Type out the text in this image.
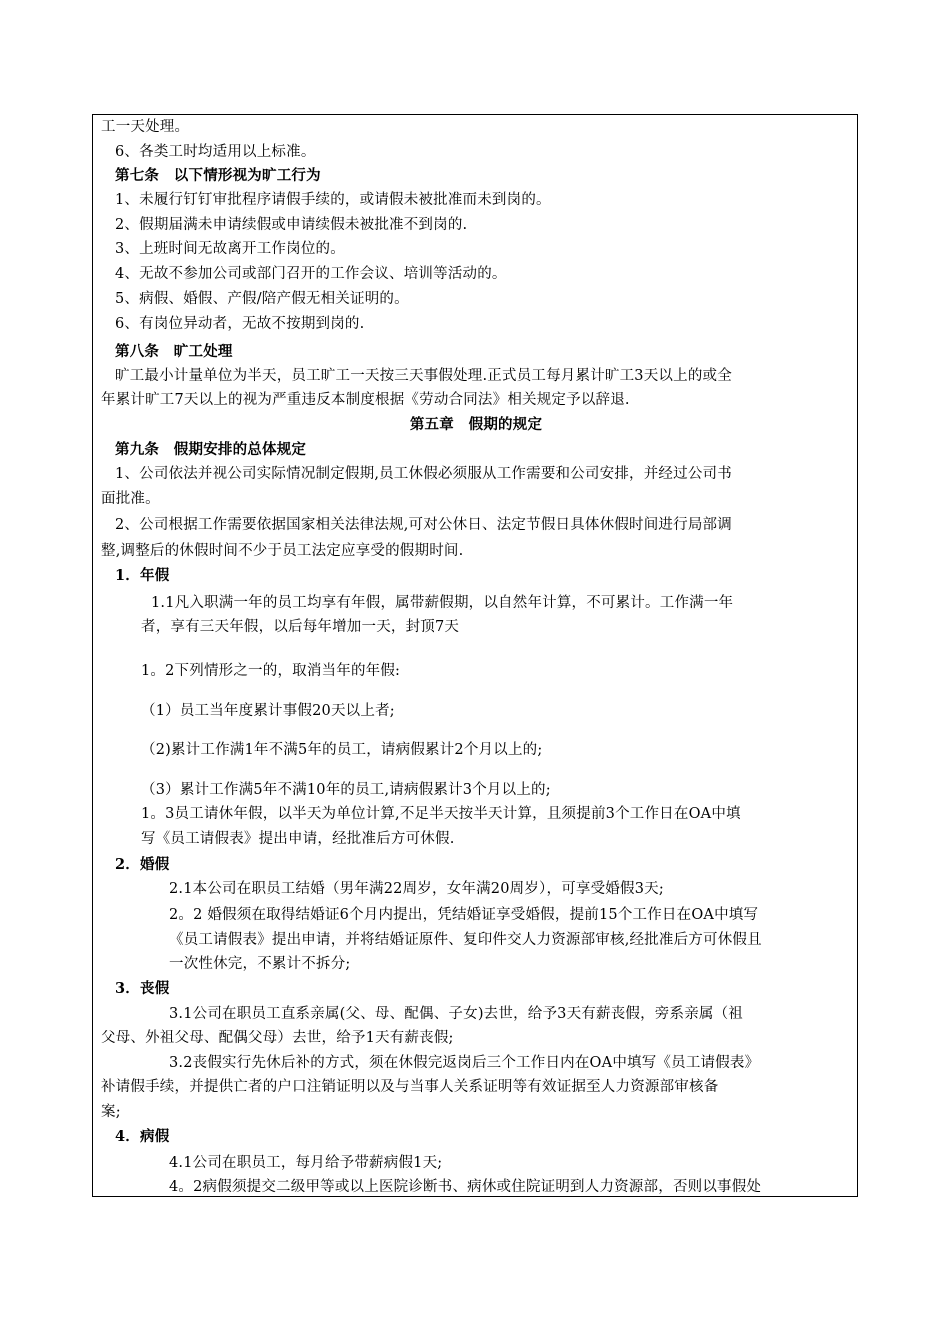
工一天处理。
6、各类工时均适用以上标准。
第七条　以下情形视为旷工行为
1、未履行钉钉审批程序请假手续的，或请假未被批准而未到岗的。
2、假期届满未申请续假或申请续假未被批准不到岗的.
3、上班时间无故离开工作岗位的。
4、无故不参加公司或部门召开的工作会议、培训等活动的。
5、病假、婚假、产假/陪产假无相关证明的。
6、有岗位异动者，无故不按期到岗的.
第八条　旷工处理
旷工最小计量单位为半天，员工旷工一天按三天事假处理.正式员工每月累计旷工3天以上的或全
年累计旷工7天以上的视为严重违反本制度根据《劳动合同法》相关规定予以辞退.
第五章　假期的规定
第九条　假期安排的总体规定
1、公司依法并视公司实际情况制定假期,员工休假必须服从工作需要和公司安排，并经过公司书
面批准。
2、公司根据工作需要依据国家相关法律法规,可对公休日、法定节假日具体休假时间进行局部调
整,调整后的休假时间不少于员工法定应享受的假期时间.
1．年假
1.1凡入职满一年的员工均享有年假，属带薪假期，以自然年计算，不可累计。工作满一年
者，享有三天年假，以后每年增加一天，封顶7天
1。2下列情形之一的，取消当年的年假:
（1）员工当年度累计事假20天以上者;
（2)累计工作满1年不满5年的员工，请病假累计2个月以上的;
（3）累计工作满5年不满10年的员工,请病假累计3个月以上的;
1。3员工请休年假，以半天为单位计算,不足半天按半天计算，且须提前3个工作日在OA中填
写《员工请假表》提出申请，经批准后方可休假.
2．婚假
2.1本公司在职员工结婚（男年满22周岁，女年满20周岁），可享受婚假3天;
2。2 婚假须在取得结婚证6个月内提出，凭结婚证享受婚假，提前15个工作日在OA中填写
《员工请假表》提出申请，并将结婚证原件、复印件交人力资源部审核,经批准后方可休假且
一次性休完，不累计不拆分;
3．丧假
3.1公司在职员工直系亲属(父、母、配偶、子女)去世，给予3天有薪丧假，旁系亲属（祖
父母、外祖父母、配偶父母）去世，给予1天有薪丧假;
3.2丧假实行先休后补的方式，须在休假完返岗后三个工作日内在OA中填写《员工请假表》
补请假手续，并提供亡者的户口注销证明以及与当事人关系证明等有效证据至人力资源部审核备
案;
4．病假
4.1公司在职员工，每月给予带薪病假1天;
4。2病假须提交二级甲等或以上医院诊断书、病休或住院证明到人力资源部，否则以事假处
